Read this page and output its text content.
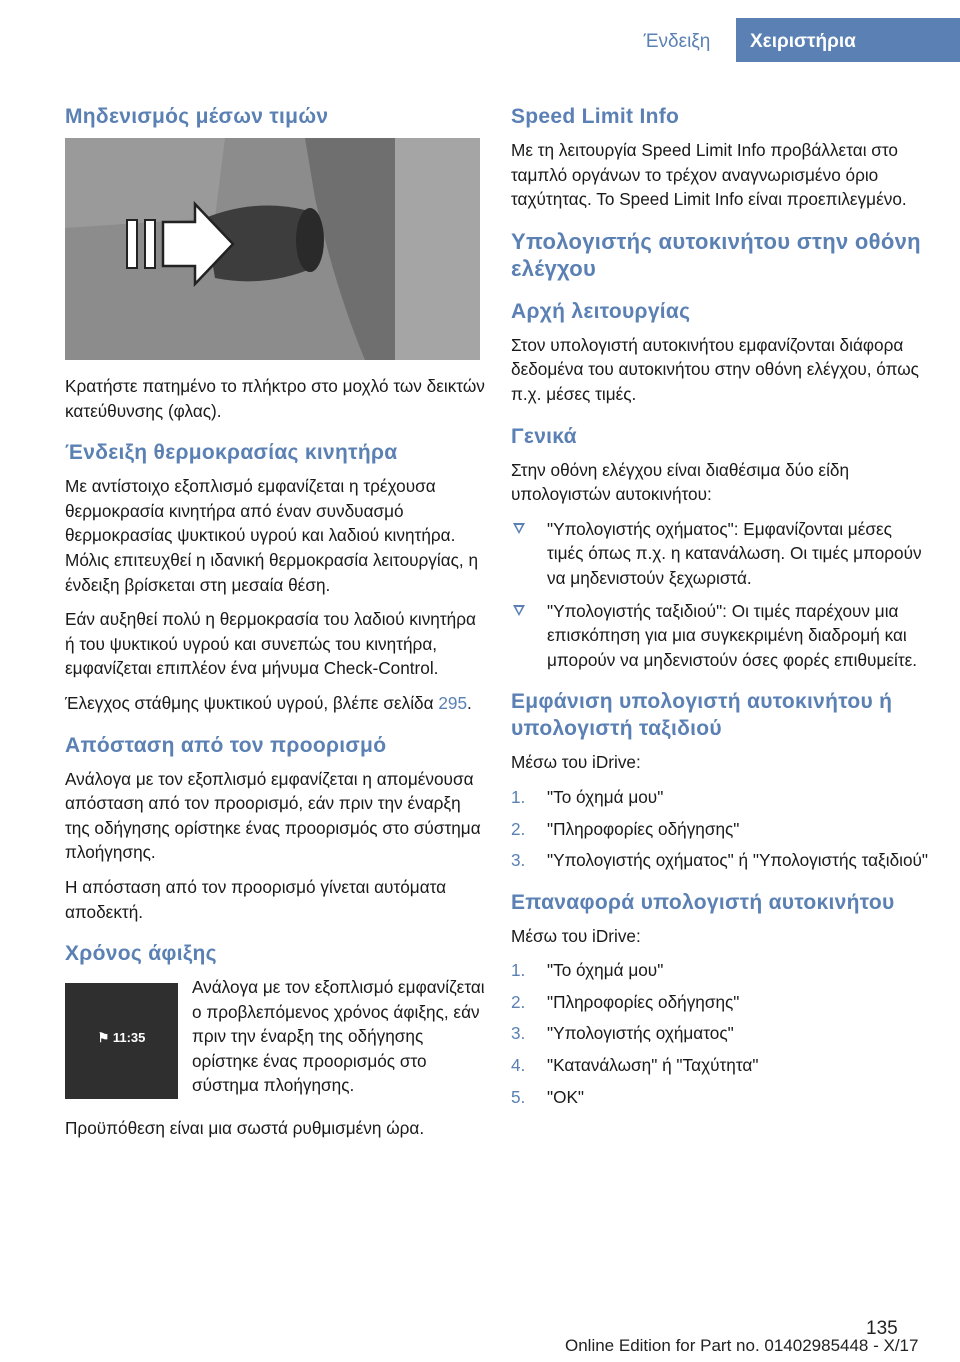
Ένδειξη	Χειριστήρια
Μηδενισμός μέσων τιμών

Κρατήστε πατημένο το πλήκτρο στο μοχλό των δεικτών κατεύθυνσης (φλας).

Ένδειξη θερμοκρασίας κινητήρα

Με αντίστοιχο εξοπλισμό εμφανίζεται η τρέχουσα θερμοκρασία κινητήρα από έναν συνδυασμό θερμοκρασίας ψυκτικού υγρού και λαδιού κινητήρα. Μόλις επιτευχθεί η ιδανική θερμοκρασία λειτουργίας, η ένδειξη βρίσκεται στη μεσαία θέση.

Εάν αυξηθεί πολύ η θερμοκρασία του λαδιού κινητήρα ή του ψυκτικού υγρού και συνεπώς του κινητήρα, εμφανίζεται επιπλέον ένα μήνυμα Check-Control.

Έλεγχος στάθμης ψυκτικού υγρού, βλέπε σελίδα 295.

Απόσταση από τον προορισμό

Ανάλογα με τον εξοπλισμό εμφανίζεται η απομένουσα απόσταση από τον προορισμό, εάν πριν την έναρξη της οδήγησης ορίστηκε ένας προορισμός στο σύστημα πλοήγησης.

Η απόσταση από τον προορισμό γίνεται αυτόματα αποδεκτή.

Χρόνος άφιξης
⚑ 11:35

Ανάλογα με τον εξοπλισμό εμφανίζεται ο προβλεπόμενος χρόνος άφιξης, εάν πριν την έναρξη της οδήγησης ορίστηκε ένας προορισμός στο σύστημα πλοήγησης.

Προϋπόθεση είναι μια σωστά ρυθμισμένη ώρα.

Speed Limit Info

Με τη λειτουργία Speed Limit Info προβάλλεται στο ταμπλό οργάνων το τρέχον αναγνωρισμένο όριο ταχύτητας. Το Speed Limit Info είναι προεπιλεγμένο.

Υπολογιστής αυτοκινήτου στην οθόνη ελέγχου
Αρχή λειτουργίας

Στον υπολογιστή αυτοκινήτου εμφανίζονται διάφορα δεδομένα του αυτοκινήτου στην οθόνη ελέγχου, όπως π.χ. μέσες τιμές.

Γενικά

Στην οθόνη ελέγχου είναι διαθέσιμα δύο είδη υπολογιστών αυτοκινήτου:

"Υπολογιστής οχήματος": Εμφανίζονται μέσες τιμές όπως π.χ. η κατανάλωση. Οι τιμές μπορούν να μηδενιστούν ξεχωριστά.
"Υπολογιστής ταξιδιού": Οι τιμές παρέχουν μια επισκόπηση για μια συγκεκριμένη διαδρομή και μπορούν να μηδενιστούν όσες φορές επιθυμείτε.
Εμφάνιση υπολογιστή αυτοκινήτου ή υπολογιστή ταξιδιού

Μέσω του iDrive:

1. "Το όχημά μου"
2. "Πληροφορίες οδήγησης"
3. "Υπολογιστής οχήματος" ή "Υπολογιστής ταξιδιού"
Επαναφορά υπολογιστή αυτοκινήτου

Μέσω του iDrive:

1. "Το όχημά μου"
2. "Πληροφορίες οδήγησης"
3. "Υπολογιστής οχήματος"
4. "Κατανάλωση" ή "Ταχύτητα"
5. "OK"
135
Online Edition for Part no. 01402985448 - X/17
